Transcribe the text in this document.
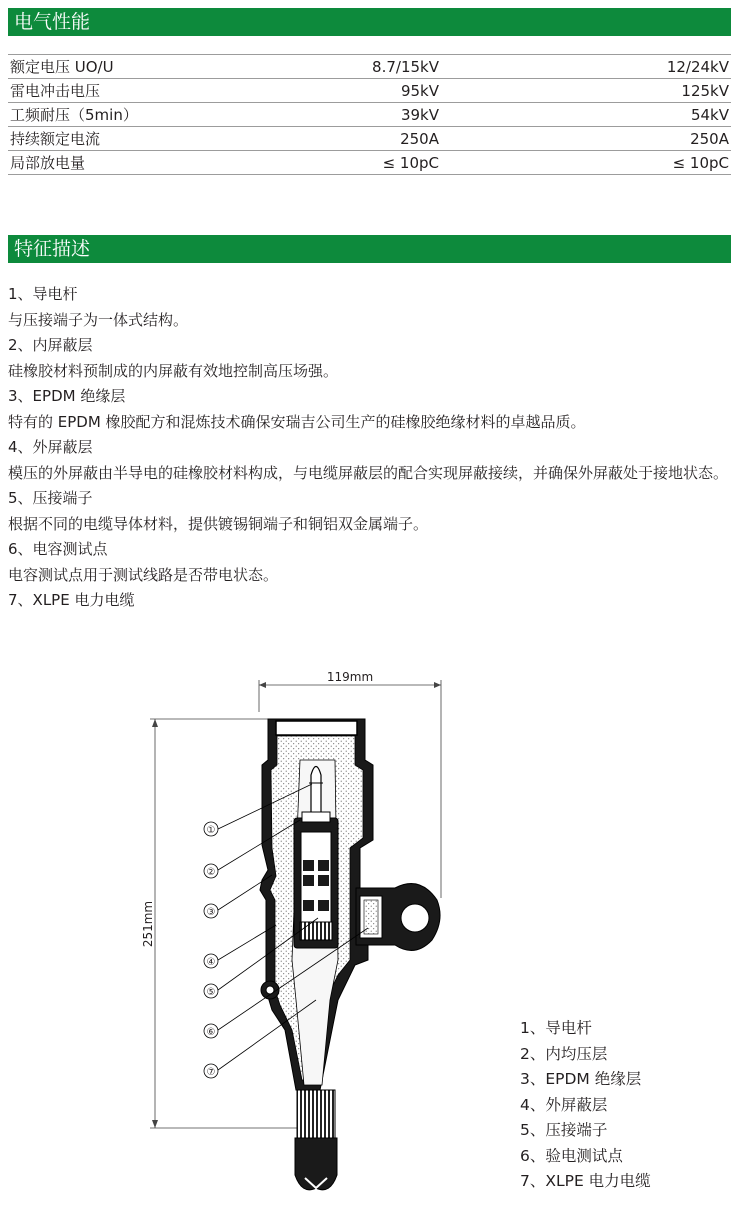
电气性能
额定电压 UO/U	8.7/15kV	12/24kV
雷电冲击电压	95kV	125kV
工频耐压（5min）	39kV	54kV
持续额定电流	250A	250A
局部放电量	≤ 10pC	≤ 10pC
特征描述
1、导电杆
与压接端子为一体式结构。
2、内屏蔽层
硅橡胶材料预制成的内屏蔽有效地控制高压场强。
3、EPDM 绝缘层
特有的 EPDM 橡胶配方和混炼技术确保安瑞吉公司生产的硅橡胶绝缘材料的卓越品质。
4、外屏蔽层
模压的外屏蔽由半导电的硅橡胶材料构成，与电缆屏蔽层的配合实现屏蔽接续，并确保外屏蔽处于接地状态。
5、压接端子
根据不同的电缆导体材料，提供镀锡铜端子和铜铝双金属端子。
6、电容测试点
电容测试点用于测试线路是否带电状态。
7、XLPE 电力电缆
119mm
251mm
①
②
③
④
⑤
⑥
⑦
1、导电杆
2、内均压层
3、EPDM 绝缘层
4、外屏蔽层
5、压接端子
6、验电测试点
7、XLPE 电力电缆
